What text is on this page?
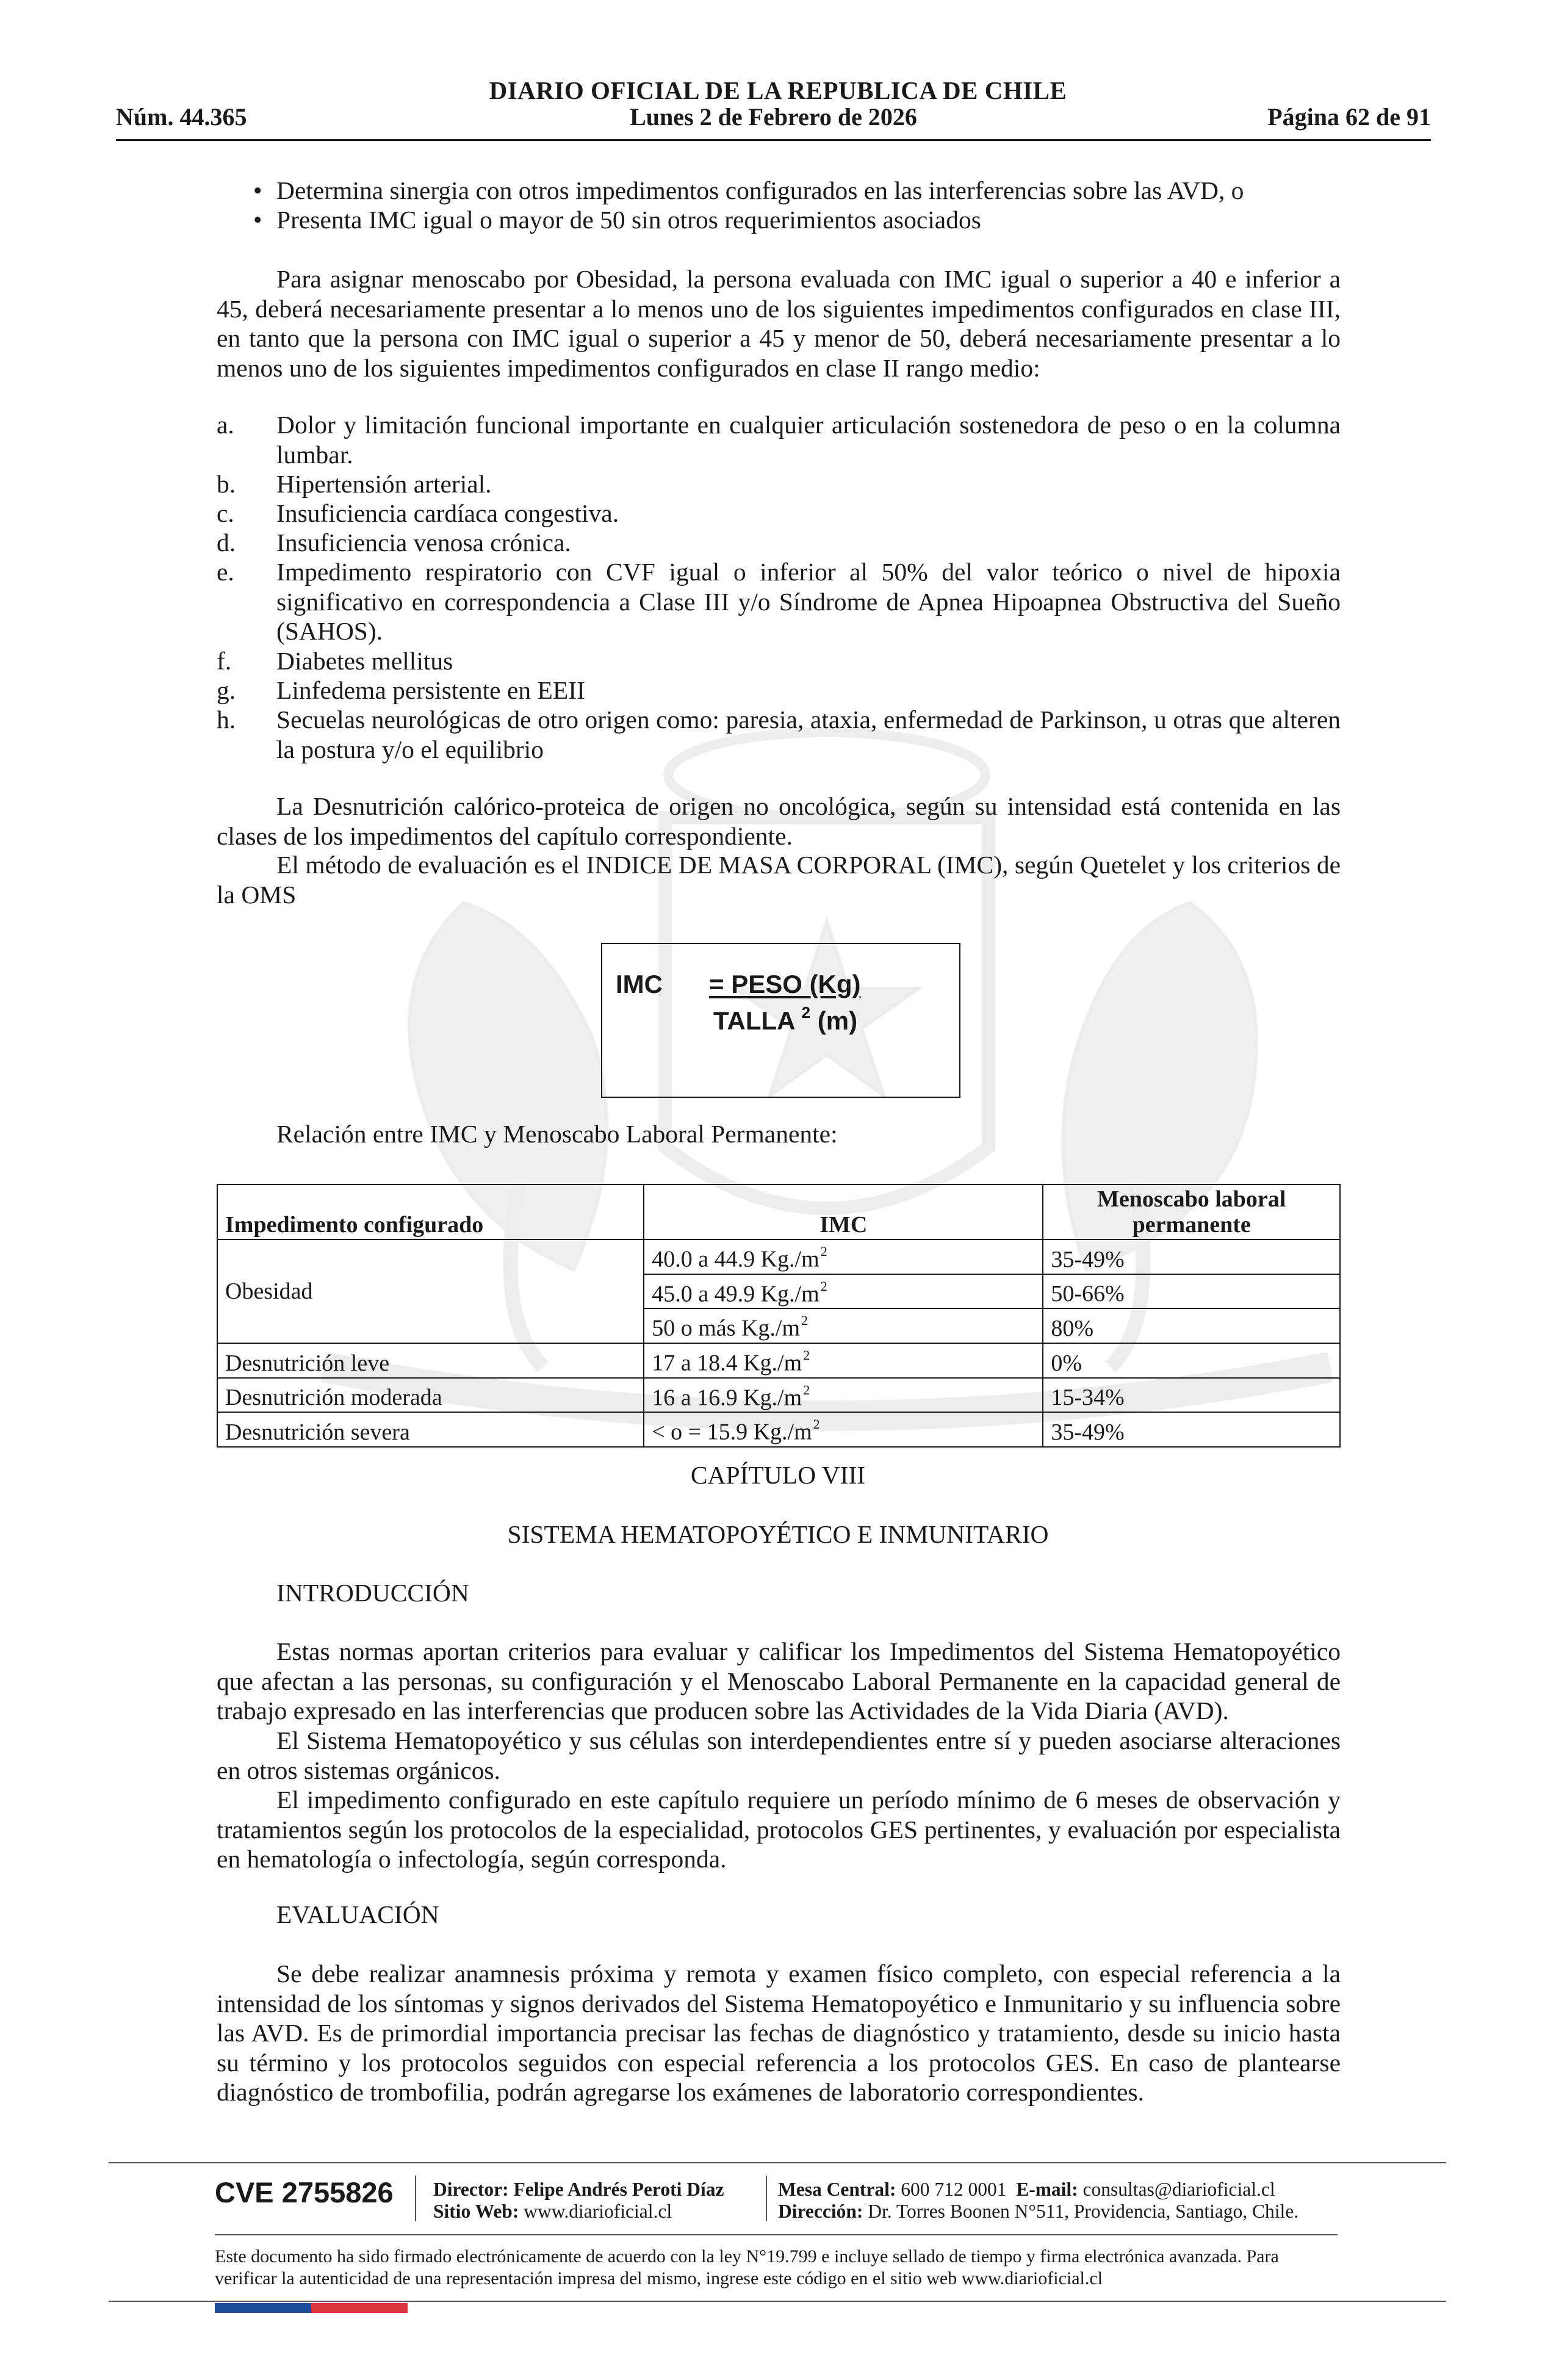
DIARIO OFICIAL DE LA REPUBLICA DE CHILE
Núm. 44.365	Lunes 2 de Febrero de 2026	Página 62 de 91
• Determina sinergia con otros impedimentos configurados en las interferencias sobre las AVD, o
• Presenta IMC igual o mayor de 50 sin otros requerimientos asociados
Para asignar menoscabo por Obesidad, la persona evaluada con IMC igual o superior a 40 e inferior a 45, deberá necesariamente presentar a lo menos uno de los siguientes impedimentos configurados en clase III, en tanto que la persona con IMC igual o superior a 45 y menor de 50, deberá necesariamente presentar a lo menos uno de los siguientes impedimentos configurados en clase II rango medio:
a.	Dolor y limitación funcional importante en cualquier articulación sostenedora de peso o en la columna lumbar.
b.	Hipertensión arterial.
c.	Insuficiencia cardíaca congestiva.
d.	Insuficiencia venosa crónica.
e.	Impedimento respiratorio con CVF igual o inferior al 50% del valor teórico o nivel de hipoxia significativo en correspondencia a Clase III y/o Síndrome de Apnea Hipoapnea Obstructiva del Sueño (SAHOS).
f.	Diabetes mellitus
g.	Linfedema persistente en EEII
h.	Secuelas neurológicas de otro origen como: paresia, ataxia, enfermedad de Parkinson, u otras que alteren la postura y/o el equilibrio
La Desnutrición calórico-proteica de origen no oncológica, según su intensidad está contenida en las clases de los impedimentos del capítulo correspondiente.
El método de evaluación es el INDICE DE MASA CORPORAL (IMC), según Quetelet y los criterios de la OMS
IMC = PESO (Kg)
TALLA $^2$ (m)
Relación entre IMC y Menoscabo Laboral Permanente:
Impedimento configurado	IMC	Menoscabo laboral permanente
Obesidad	40.0 a 44.9 $Kg./m^2$	35-49%
	45.0 a 49.9 $Kg./m^2$	50-66%
	50 o más $Kg./m^2$	80%
Desnutrición leve	17 a 18.4 $Kg./m^2$	0%
Desnutrición moderada	16 a 16.9 $Kg./m^2$	15-34%
Desnutrición severa	< o = 15.9 $Kg./m^2$	35-49%
CAPÍTULO VIII
SISTEMA HEMATOPOYÉTICO E INMUNITARIO
INTRODUCCIÓN
Estas normas aportan criterios para evaluar y calificar los Impedimentos del Sistema Hematopoyético que afectan a las personas, su configuración y el Menoscabo Laboral Permanente en la capacidad general de trabajo expresado en las interferencias que producen sobre las Actividades de la Vida Diaria (AVD).
El Sistema Hematopoyético y sus células son interdependientes entre sí y pueden asociarse alteraciones en otros sistemas orgánicos.
El impedimento configurado en este capítulo requiere un período mínimo de 6 meses de observación y tratamientos según los protocolos de la especialidad, protocolos GES pertinentes, y evaluación por especialista en hematología o infectología, según corresponda.
EVALUACIÓN
Se debe realizar anamnesis próxima y remota y examen físico completo, con especial referencia a la intensidad de los síntomas y signos derivados del Sistema Hematopoyético e Inmunitario y su influencia sobre las AVD. Es de primordial importancia precisar las fechas de diagnóstico y tratamiento, desde su inicio hasta su término y los protocolos seguidos con especial referencia a los protocolos GES. En caso de plantearse diagnóstico de trombofilia, podrán agregarse los exámenes de laboratorio correspondientes.
CVE 2755826 Director: Felipe Andrés Peroti Díaz
Sitio Web: www.diarioficial.cl
Mesa Central: 600 712 0001 E-mail: consultas@diarioficial.cl
Dirección: Dr. Torres Boonen N°511, Providencia, Santiago, Chile.
Este documento ha sido firmado electrónicamente de acuerdo con la ley N°19.799 e incluye sellado de tiempo y firma electrónica avanzada. Para verificar la autenticidad de una representación impresa del mismo, ingrese este código en el sitio web www.diarioficial.cl
